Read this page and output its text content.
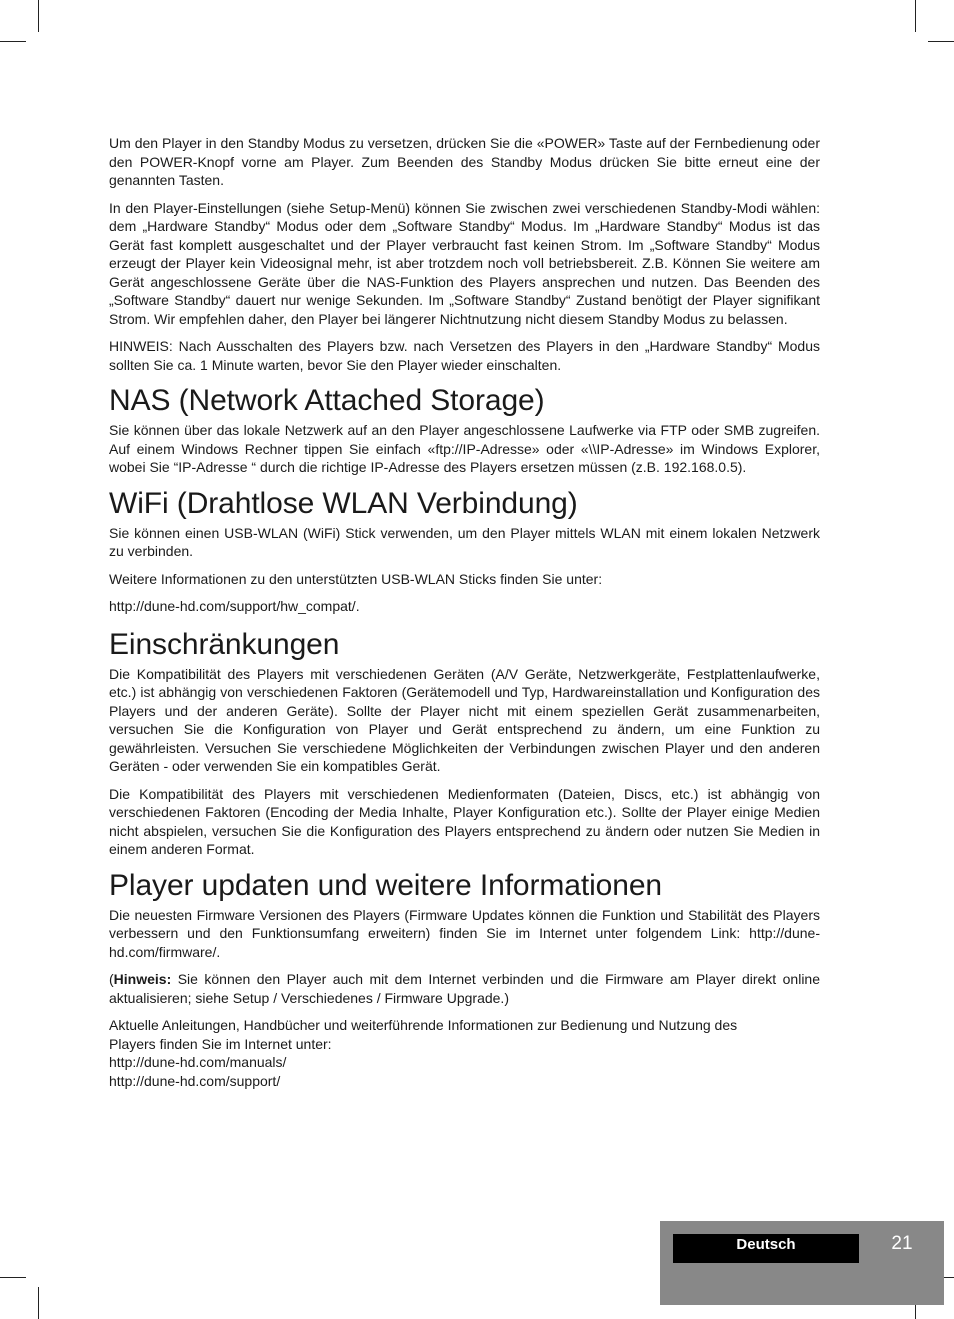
Um den Player in den Standby Modus zu versetzen, drücken Sie die «POWER» Taste auf der Fernbedienung oder den POWER-Knopf vorne am Player. Zum Beenden des Standby Modus drücken Sie bitte erneut eine der genannten Tasten.

In den Player-Einstellungen (siehe Setup-Menü) können Sie zwischen zwei verschiedenen Standby-Modi wählen: dem „Hardware Standby“ Modus oder dem „Software Standby“ Modus. Im „Hardware Standby“ Modus ist das Gerät fast komplett ausgeschaltet und der Player verbraucht fast keinen Strom. Im „Software Standby“ Modus erzeugt der Player kein Videosignal mehr, ist aber trotzdem noch voll betriebsbereit. Z.B. Können Sie weitere am Gerät angeschlossene Geräte über die NAS-Funktion des Players ansprechen und nutzen. Das Beenden des „Software Standby“ dauert nur wenige Sekunden. Im „Software Standby“ Zustand benötigt der Player signifikant Strom. Wir empfehlen daher, den Player bei längerer Nichtnutzung nicht diesem Standby Modus zu belassen.

HINWEIS: Nach Ausschalten des Players bzw. nach Versetzen des Players in den „Hardware Standby“ Modus sollten Sie ca. 1 Minute warten, bevor Sie den Player wieder einschalten.

NAS (Network Attached Storage)

Sie können über das lokale Netzwerk auf an den Player angeschlossene Laufwerke via FTP oder SMB zugreifen. Auf einem Windows Rechner tippen Sie einfach «ftp://IP-Adresse» oder «\\IP-Adresse» im Windows Explorer, wobei Sie “IP-Adresse “ durch die richtige IP-Adresse des Players ersetzen müssen (z.B. 192.168.0.5).

WiFi (Drahtlose WLAN Verbindung)

Sie können einen USB-WLAN (WiFi) Stick verwenden, um den Player mittels WLAN mit einem lokalen Netzwerk zu verbinden.

Weitere Informationen zu den unterstützten USB-WLAN Sticks finden Sie unter:

http://dune-hd.com/support/hw_compat/.

Einschränkungen

Die Kompatibilität des Players mit verschiedenen Geräten (A/V Geräte, Netzwerkgeräte, Festplattenlaufwerke, etc.) ist abhängig von verschiedenen Faktoren (Gerätemodell und Typ, Hardwareinstallation und Konfiguration des Players und der anderen Geräte). Sollte der Player nicht mit einem speziellen Gerät zusammenarbeiten, versuchen Sie die Konfiguration von Player und Gerät entsprechend zu ändern, um eine Funktion zu gewährleisten. Versuchen Sie verschiedene Möglichkeiten der Verbindungen zwischen Player und den anderen Geräten - oder verwenden Sie ein kompatibles Gerät.

Die Kompatibilität des Players mit verschiedenen Medienformaten (Dateien, Discs, etc.) ist abhängig von verschiedenen Faktoren (Encoding der Media Inhalte, Player Konfiguration etc.). Sollte der Player einige Medien nicht abspielen, versuchen Sie die Konfiguration des Players entsprechend zu ändern oder nutzen Sie Medien in einem anderen Format.

Player updaten und weitere Informationen

Die neuesten Firmware Versionen des Players (Firmware Updates können die Funktion und Stabilität des Players verbessern und den Funktionsumfang erweitern) finden Sie im Internet unter folgendem Link: http://dune-hd.com/firmware/.

(Hinweis: Sie können den Player auch mit dem Internet verbinden und die Firmware am Player direkt online aktualisieren; siehe Setup / Verschiedenes / Firmware Upgrade.)

Aktuelle Anleitungen, Handbücher und weiterführende Informationen zur Bedienung und Nutzung des
Players finden Sie im Internet unter:
http://dune-hd.com/manuals/
http://dune-hd.com/support/

Deutsch	21
